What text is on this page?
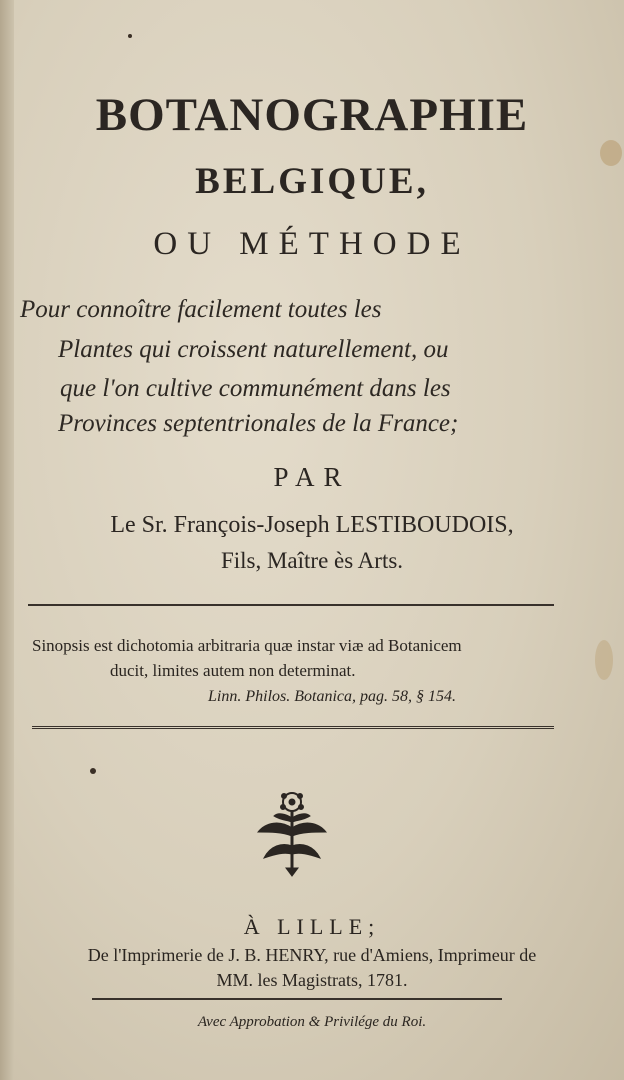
BOTANOGRAPHIE
BELGIQUE,
OU MÉTHODE
Pour connoître facilement toutes les
Plantes qui croissent naturellement, ou
que l'on cultive communément dans les
Provinces septentrionales de la France;
PAR
Le Sr. François-Joseph LESTIBOUDOIS,
Fils, Maître ès Arts.
Sinopsis est dichotomia arbitraria quæ instar viæ ad Botanicem
ducit, limites autem non determinat.
Linn. Philos. Botanica, pag. 58, § 154.
À LILLE;
De l'Imprimerie de J. B. HENRY, rue d'Amiens, Imprimeur de
MM. les Magistrats, 1781.
Avec Approbation & Privilége du Roi.
